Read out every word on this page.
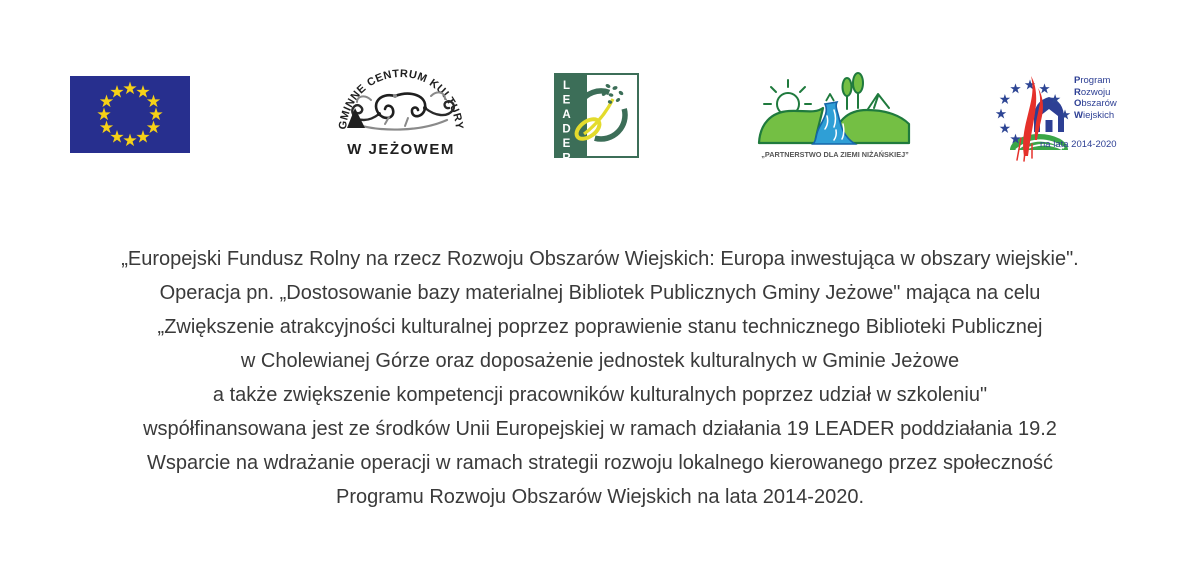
GMINNE CENTRUM KULTURY
W JEŻOWEM	LEADER	„PARTNERSTWO DLA ZIEMI NIŻAŃSKIEJ”
Program
Rozwoju
Obszarów
Wiejskich
na lata 2014-2020
„Europejski Fundusz Rolny na rzecz Rozwoju Obszarów Wiejskich: Europa inwestująca w obszary wiejskie".
Operacja pn. „Dostosowanie bazy materialnej Bibliotek Publicznych Gminy Jeżowe" mająca na celu
„Zwiększenie atrakcyjności kulturalnej poprzez poprawienie stanu technicznego Biblioteki Publicznej
w Cholewianej Górze oraz doposażenie jednostek kulturalnych w Gminie Jeżowe
a także zwiększenie kompetencji pracowników kulturalnych poprzez udział w szkoleniu"
współfinansowana jest ze środków Unii Europejskiej w ramach działania 19 LEADER poddziałania 19.2
Wsparcie na wdrażanie operacji w ramach strategii rozwoju lokalnego kierowanego przez społeczność
Programu Rozwoju Obszarów Wiejskich na lata 2014-2020.
